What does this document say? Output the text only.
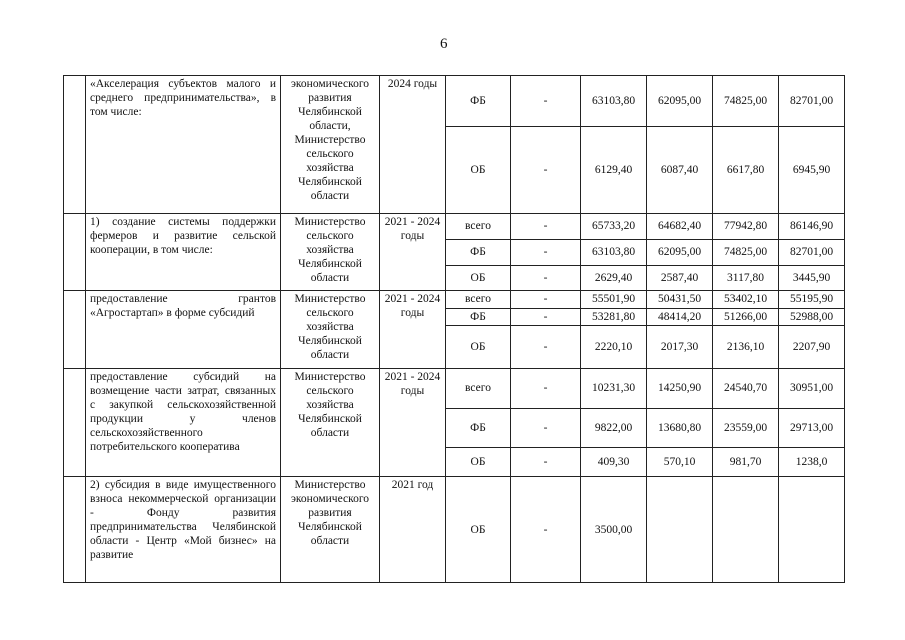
6
	«Акселерация субъектов малого и среднего предпринимательства», в том числе:	экономического развития Челябинской области, Министерство сельского хозяйства Челябинской области	2024 годы	ФБ	-	63103,80	62095,00	74825,00	82701,00
				ОБ	-	6129,40	6087,40	6617,80	6945,90
	1) создание системы поддержки фермеров и развитие сельской кооперации, в том числе:	Министерство сельского хозяйства Челябинской области	2021 - 2024 годы	всего	-	65733,20	64682,40	77942,80	86146,90
				ФБ	-	63103,80	62095,00	74825,00	82701,00
				ОБ	-	2629,40	2587,40	3117,80	3445,90
	предоставление грантов «Агростартап» в форме субсидий	Министерство сельского хозяйства Челябинской области	2021 - 2024 годы	всего	-	55501,90	50431,50	53402,10	55195,90
				ФБ	-	53281,80	48414,20	51266,00	52988,00
				ОБ	-	2220,10	2017,30	2136,10	2207,90
	предоставление субсидий на возмещение части затрат, связанных с закупкой сельскохозяйственной продукции у членов сельскохозяйственного потребительского кооператива	Министерство сельского хозяйства Челябинской области	2021 - 2024 годы	всего	-	10231,30	14250,90	24540,70	30951,00
				ФБ	-	9822,00	13680,80	23559,00	29713,00
				ОБ	-	409,30	570,10	981,70	1238,0
	2) субсидия в виде имущественного взноса некоммерческой организации - Фонду развития предпринимательства Челябинской области - Центр «Мой бизнес» на развитие	Министерство экономического развития Челябинской области	2021 год	ОБ	-	3500,00			
